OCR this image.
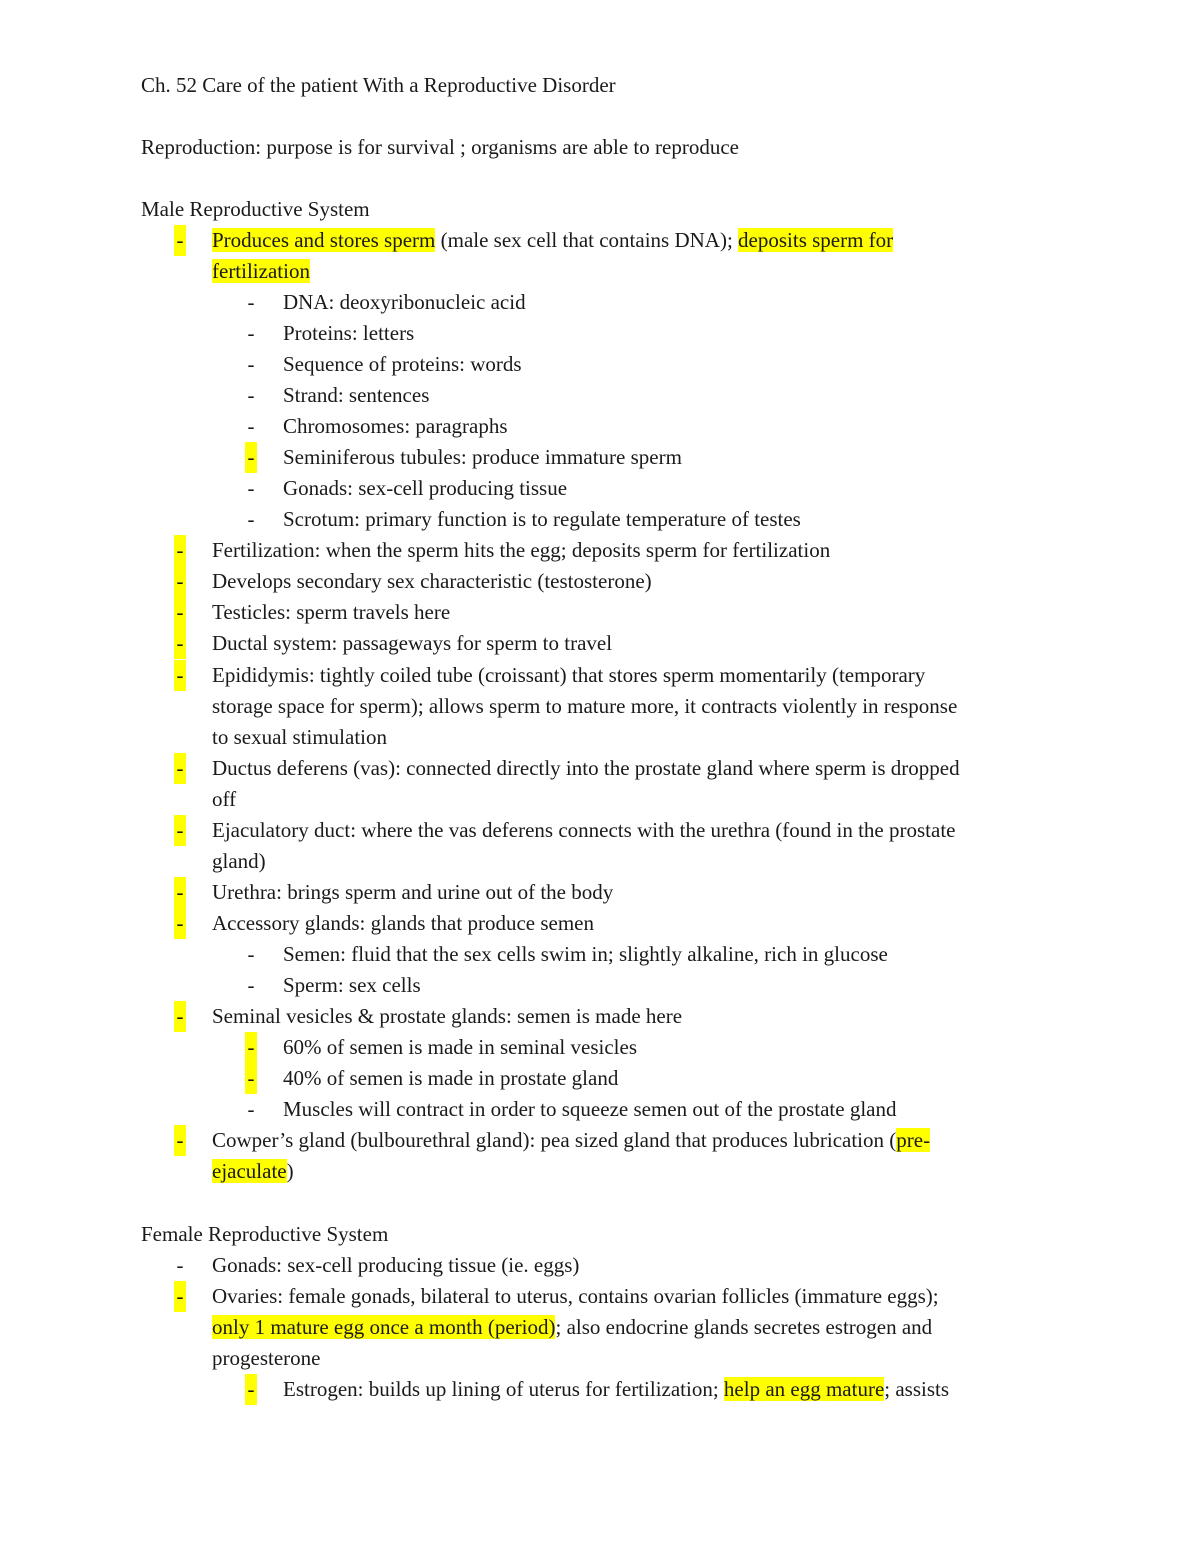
Ch. 52 Care of the patient With a Reproductive Disorder
Reproduction: purpose is for survival ; organisms are able to reproduce
Male Reproductive System
- Produces and stores sperm (male sex cell that contains DNA); deposits sperm for
fertilization
- DNA: deoxyribonucleic acid
- Proteins: letters
- Sequence of proteins: words
- Strand: sentences
- Chromosomes: paragraphs
- Seminiferous tubules: produce immature sperm
- Gonads: sex-cell producing tissue
- Scrotum: primary function is to regulate temperature of testes
- Fertilization: when the sperm hits the egg; deposits sperm for fertilization
- Develops secondary sex characteristic (testosterone)
- Testicles: sperm travels here
- Ductal system: passageways for sperm to travel
- Epididymis: tightly coiled tube (croissant) that stores sperm momentarily (temporary
storage space for sperm); allows sperm to mature more, it contracts violently in response
to sexual stimulation
- Ductus deferens (vas): connected directly into the prostate gland where sperm is dropped
off
- Ejaculatory duct: where the vas deferens connects with the urethra (found in the prostate
gland)
- Urethra: brings sperm and urine out of the body
- Accessory glands: glands that produce semen
- Semen: fluid that the sex cells swim in; slightly alkaline, rich in glucose
- Sperm: sex cells
- Seminal vesicles & prostate glands: semen is made here
- 60% of semen is made in seminal vesicles
- 40% of semen is made in prostate gland
- Muscles will contract in order to squeeze semen out of the prostate gland
- Cowper’s gland (bulbourethral gland): pea sized gland that produces lubrication (pre-
ejaculate)
Female Reproductive System
- Gonads: sex-cell producing tissue (ie. eggs)
- Ovaries: female gonads, bilateral to uterus, contains ovarian follicles (immature eggs);
only 1 mature egg once a month (period); also endocrine glands secretes estrogen and
progesterone
- Estrogen: builds up lining of uterus for fertilization; help an egg mature; assists
